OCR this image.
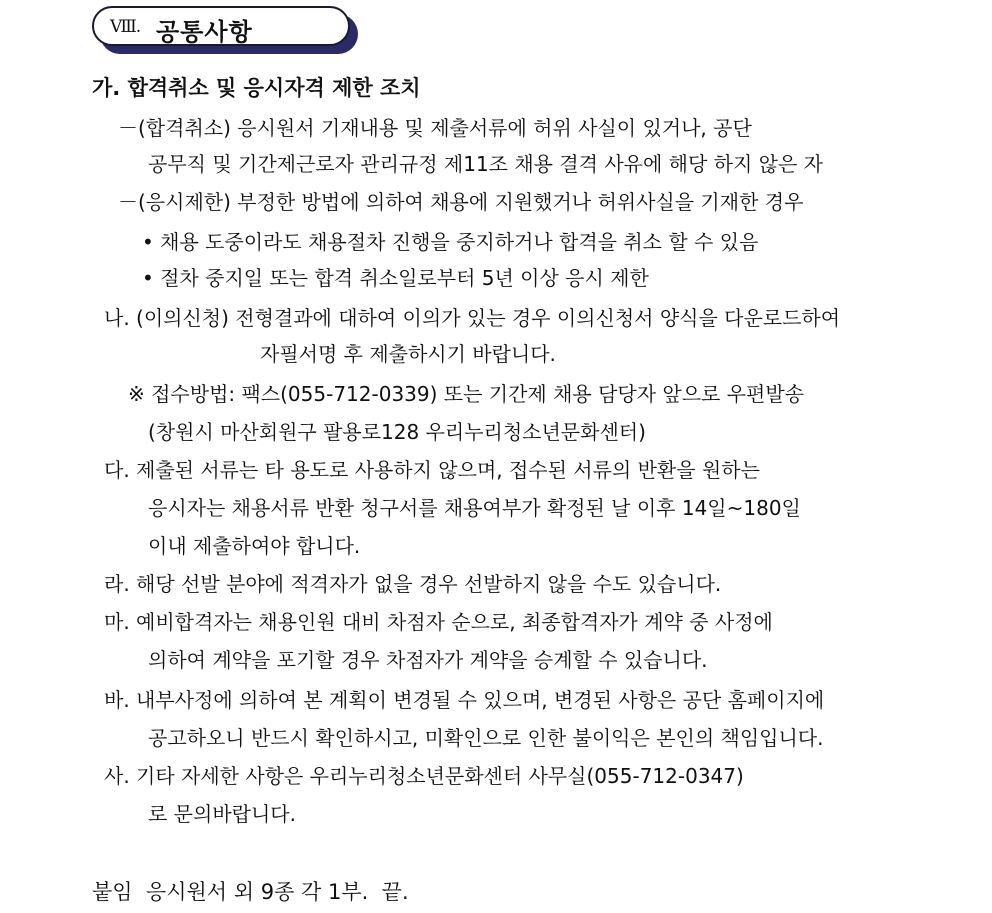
Ⅷ. 공통사항
가. 합격취소 및 응시자격 제한 조치
－(합격취소) 응시원서 기재내용 및 제출서류에 허위 사실이 있거나, 공단
공무직 및 기간제근로자 관리규정 제11조 채용 결격 사유에 해당 하지 않은 자
－(응시제한) 부정한 방법에 의하여 채용에 지원했거나 허위사실을 기재한 경우
• 채용 도중이라도 채용절차 진행을 중지하거나 합격을 취소 할 수 있음
• 절차 중지일 또는 합격 취소일로부터 5년 이상 응시 제한
나. (이의신청) 전형결과에 대하여 이의가 있는 경우 이의신청서 양식을 다운로드하여
자필서명 후 제출하시기 바랍니다.
※ 접수방법: 팩스(055-712-0339) 또는 기간제 채용 담당자 앞으로 우편발송
(창원시 마산회원구 팔용로128 우리누리청소년문화센터)
다. 제출된 서류는 타 용도로 사용하지 않으며, 접수된 서류의 반환을 원하는
응시자는 채용서류 반환 청구서를 채용여부가 확정된 날 이후 14일~180일
이내 제출하여야 합니다.
라. 해당 선발 분야에 적격자가 없을 경우 선발하지 않을 수도 있습니다.
마. 예비합격자는 채용인원 대비 차점자 순으로, 최종합격자가 계약 중 사정에
의하여 계약을 포기할 경우 차점자가 계약을 승계할 수 있습니다.
바. 내부사정에 의하여 본 계획이 변경될 수 있으며, 변경된 사항은 공단 홈페이지에
공고하오니 반드시 확인하시고, 미확인으로 인한 불이익은 본인의 책임입니다.
사. 기타 자세한 사항은 우리누리청소년문화센터 사무실(055-712-0347)
로 문의바랍니다.
붙임  응시원서 외 9종 각 1부.  끝.
